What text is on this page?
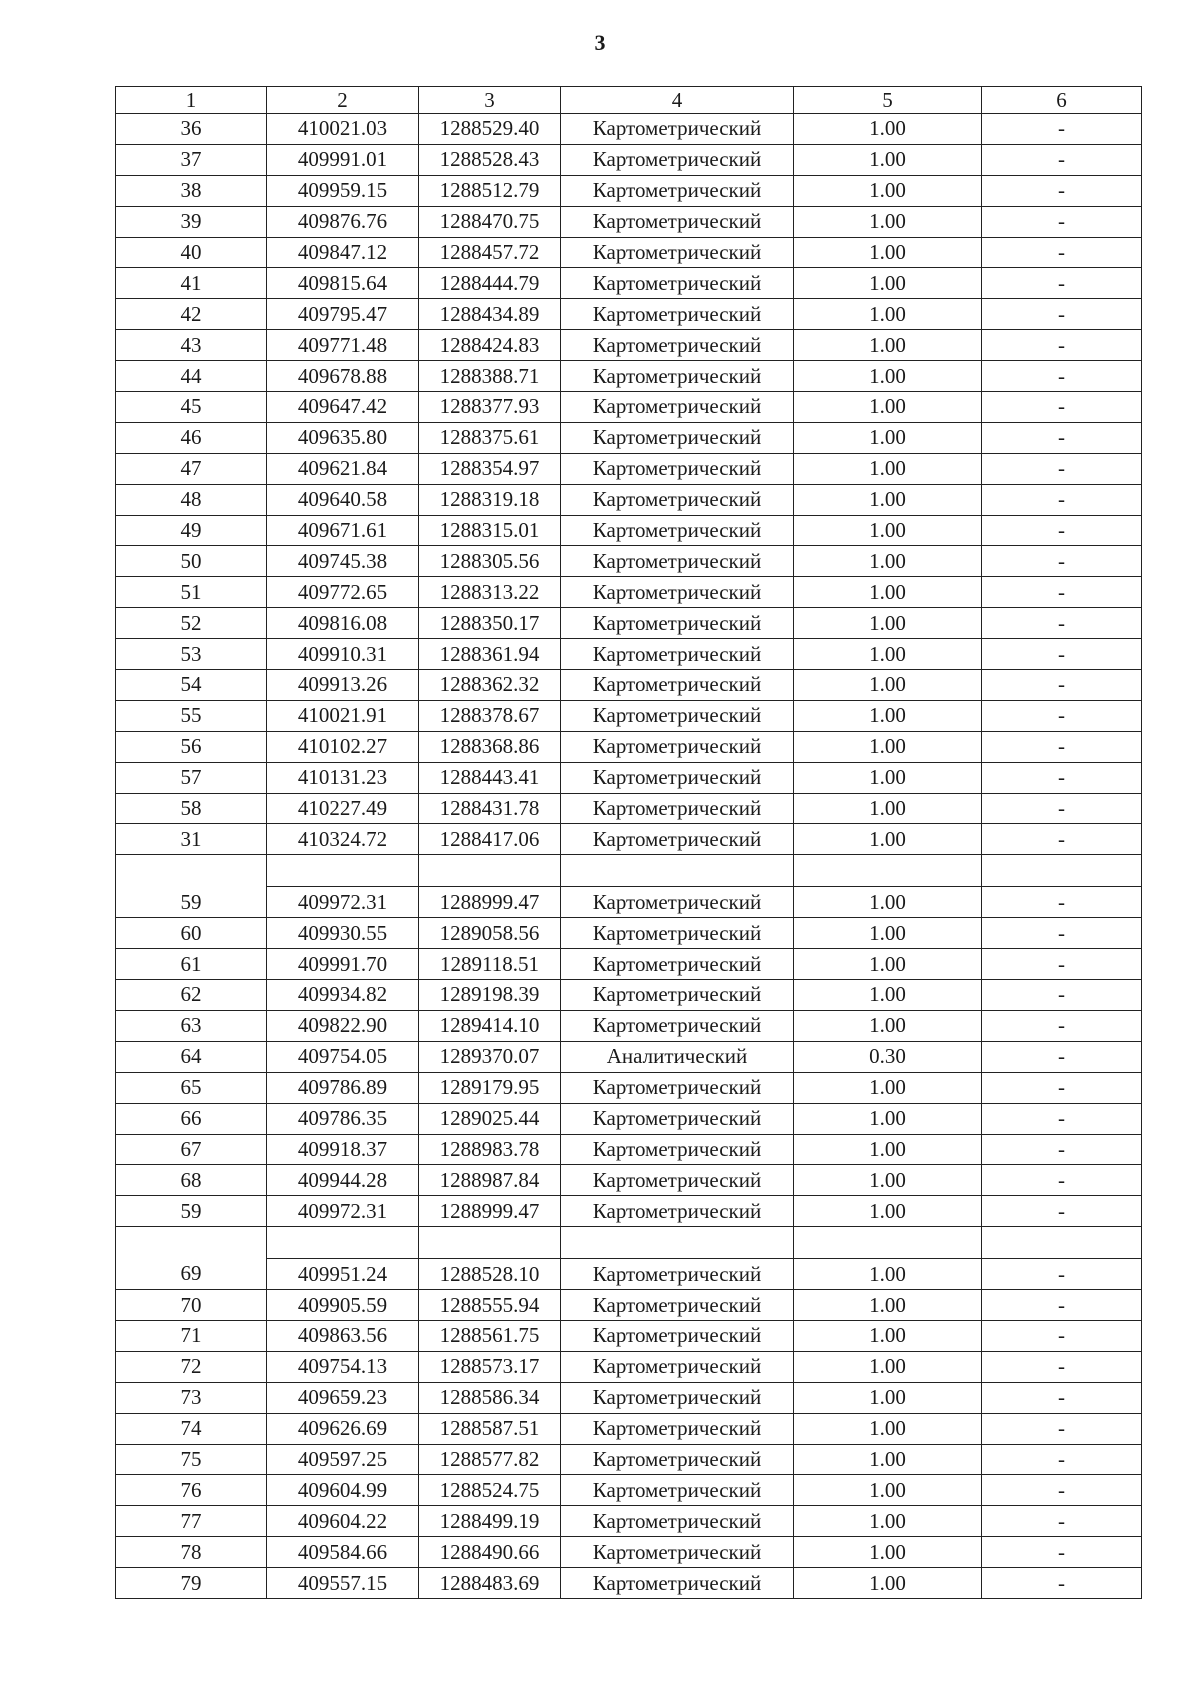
3
1	2	3	4	5	6
36	410021.03	1288529.40	Картометрический	1.00	-
37	409991.01	1288528.43	Картометрический	1.00	-
38	409959.15	1288512.79	Картометрический	1.00	-
39	409876.76	1288470.75	Картометрический	1.00	-
40	409847.12	1288457.72	Картометрический	1.00	-
41	409815.64	1288444.79	Картометрический	1.00	-
42	409795.47	1288434.89	Картометрический	1.00	-
43	409771.48	1288424.83	Картометрический	1.00	-
44	409678.88	1288388.71	Картометрический	1.00	-
45	409647.42	1288377.93	Картометрический	1.00	-
46	409635.80	1288375.61	Картометрический	1.00	-
47	409621.84	1288354.97	Картометрический	1.00	-
48	409640.58	1288319.18	Картометрический	1.00	-
49	409671.61	1288315.01	Картометрический	1.00	-
50	409745.38	1288305.56	Картометрический	1.00	-
51	409772.65	1288313.22	Картометрический	1.00	-
52	409816.08	1288350.17	Картометрический	1.00	-
53	409910.31	1288361.94	Картометрический	1.00	-
54	409913.26	1288362.32	Картометрический	1.00	-
55	410021.91	1288378.67	Картометрический	1.00	-
56	410102.27	1288368.86	Картометрический	1.00	-
57	410131.23	1288443.41	Картометрический	1.00	-
58	410227.49	1288431.78	Картометрический	1.00	-
31	410324.72	1288417.06	Картометрический	1.00	-

59	409972.31	1288999.47	Картометрический	1.00	-
60	409930.55	1289058.56	Картометрический	1.00	-
61	409991.70	1289118.51	Картометрический	1.00	-
62	409934.82	1289198.39	Картометрический	1.00	-
63	409822.90	1289414.10	Картометрический	1.00	-
64	409754.05	1289370.07	Аналитический	0.30	-
65	409786.89	1289179.95	Картометрический	1.00	-
66	409786.35	1289025.44	Картометрический	1.00	-
67	409918.37	1288983.78	Картометрический	1.00	-
68	409944.28	1288987.84	Картометрический	1.00	-
59	409972.31	1288999.47	Картометрический	1.00	-

69	409951.24	1288528.10	Картометрический	1.00	-
70	409905.59	1288555.94	Картометрический	1.00	-
71	409863.56	1288561.75	Картометрический	1.00	-
72	409754.13	1288573.17	Картометрический	1.00	-
73	409659.23	1288586.34	Картометрический	1.00	-
74	409626.69	1288587.51	Картометрический	1.00	-
75	409597.25	1288577.82	Картометрический	1.00	-
76	409604.99	1288524.75	Картометрический	1.00	-
77	409604.22	1288499.19	Картометрический	1.00	-
78	409584.66	1288490.66	Картометрический	1.00	-
79	409557.15	1288483.69	Картометрический	1.00	-
